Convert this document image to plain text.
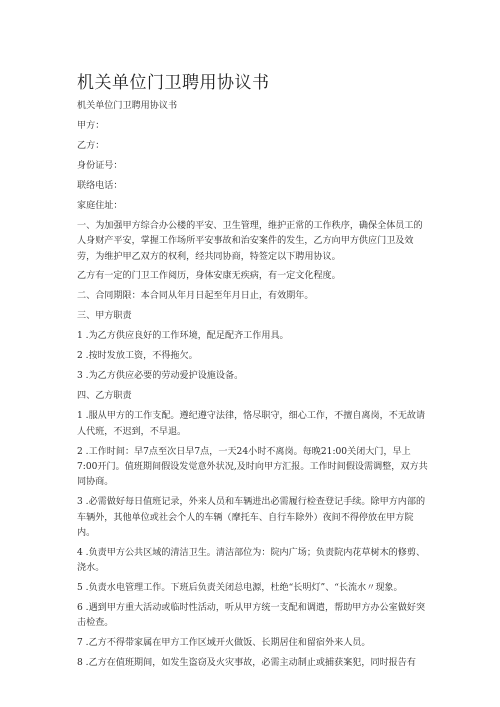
机关单位门卫聘用协议书

机关单位门卫聘用协议书

甲方：

乙方：

身份证号：

联络电话：

家庭住址：

一、为加强甲方综合办公楼的平安、卫生管理，维护正常的工作秩序，确保全体员工的人身财产平安，掌握工作场所平安事故和治安案件的发生，乙方向甲方供应门卫及效劳，为维护甲乙双方的权利，经共同协商，特签定以下聘用协议。

乙方有一定的门卫工作阅历，身体安康无疾病，有一定文化程度。

二、合同期限：本合同从年月日起至年月日止，有效期年。

三、甲方职责

1 .为乙方供应良好的工作环境，配足配齐工作用具。

2 .按时发放工资，不得拖欠。

3 .为乙方供应必要的劳动爱护设施设备。

四、乙方职责

1 .服从甲方的工作支配。遵纪遵守法律，恪尽职守，细心工作，不擅自离岗，不无故请人代班，不迟到，不早退。

2 .工作时间：早7点至次日早7点，一天24小时不离岗。每晚21:00关闭大门，早上7:00开门。值班期间假设发觉意外状况,及时向甲方汇报。工作时间假设需调整，双方共同协商。

3 .必需做好每日值班记录，外来人员和车辆进出必需履行检查登记手续。除甲方内部的车辆外，其他单位或社会个人的车辆（摩托车、自行车除外）夜间不得停放在甲方院内。

4 .负责甲方公共区域的清洁卫生。清洁部位为：院内广场；负责院内花草树木的修剪、浇水。

5 .负责水电管理工作。下班后负责关闭总电源，杜绝“长明灯”、“长流水〃现象。

6 .遇到甲方重大活动或临时性活动，听从甲方统一支配和调遣，帮助甲方办公室做好突击检查。

7 .乙方不得带家属在甲方工作区域开火做饭、长期居住和留宿外来人员。

8 .乙方在值班期间，如发生盗窃及火灾事故，必需主动制止或捕获案犯，同时报告有
